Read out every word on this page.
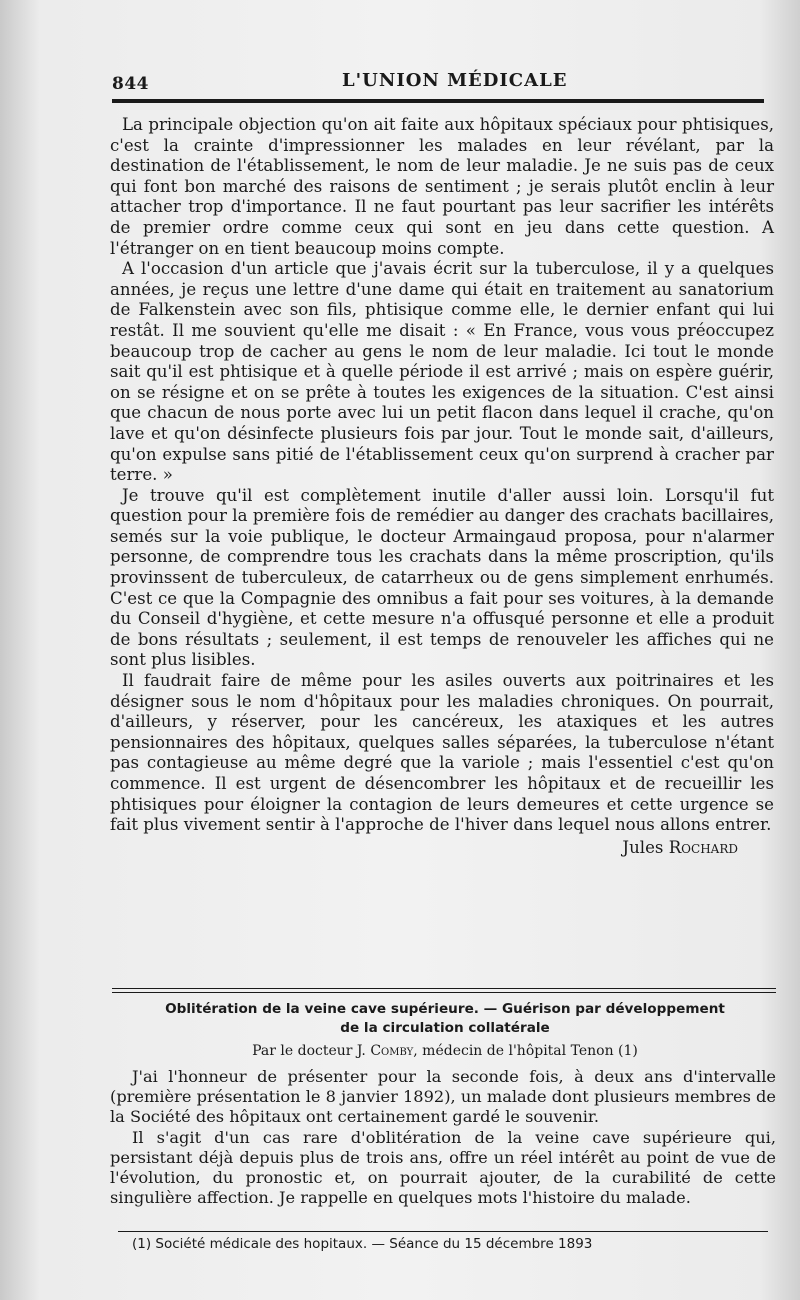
844	L'UNION MÉDICALE

La principale objection qu'on ait faite aux hôpitaux spéciaux pour phtisiques, c'est la crainte d'impressionner les malades en leur révélant, par la destination de l'établissement, le nom de leur maladie. Je ne suis pas de ceux qui font bon marché des raisons de sentiment ; je serais plutôt enclin à leur attacher trop d'importance. Il ne faut pourtant pas leur sacrifier les intérêts de premier ordre comme ceux qui sont en jeu dans cette question. A l'étranger on en tient beaucoup moins compte.

A l'occasion d'un article que j'avais écrit sur la tuberculose, il y a quelques années, je reçus une lettre d'une dame qui était en traitement au sanatorium de Falkenstein avec son fils, phtisique comme elle, le dernier enfant qui lui restât. Il me souvient qu'elle me disait : « En France, vous vous préoccupez beaucoup trop de cacher au gens le nom de leur maladie. Ici tout le monde sait qu'il est phtisique et à quelle période il est arrivé ; mais on espère guérir, on se résigne et on se prête à toutes les exigences de la situation. C'est ainsi que chacun de nous porte avec lui un petit flacon dans lequel il crache, qu'on lave et qu'on désinfecte plusieurs fois par jour. Tout le monde sait, d'ailleurs, qu'on expulse sans pitié de l'établissement ceux qu'on surprend à cracher par terre. »

Je trouve qu'il est complètement inutile d'aller aussi loin. Lorsqu'il fut question pour la première fois de remédier au danger des crachats bacillaires, semés sur la voie publique, le docteur Armaingaud proposa, pour n'alarmer personne, de comprendre tous les crachats dans la même proscription, qu'ils provinssent de tuberculeux, de catarrheux ou de gens simplement enrhumés. C'est ce que la Compagnie des omnibus a fait pour ses voitures, à la demande du Conseil d'hygiène, et cette mesure n'a offusqué personne et elle a produit de bons résultats ; seulement, il est temps de renouveler les affiches qui ne sont plus lisibles.

Il faudrait faire de même pour les asiles ouverts aux poitrinaires et les désigner sous le nom d'hôpitaux pour les maladies chroniques. On pourrait, d'ailleurs, y réserver, pour les cancéreux, les ataxiques et les autres pensionnaires des hôpitaux, quelques salles séparées, la tuberculose n'étant pas contagieuse au même degré que la variole ; mais l'essentiel c'est qu'on commence. Il est urgent de désencombrer les hôpitaux et de recueillir les phtisiques pour éloigner la contagion de leurs demeures et cette urgence se fait plus vivement sentir à l'approche de l'hiver dans lequel nous allons entrer.

Jules Rochard
Oblitération de la veine cave supérieure. — Guérison par développement
de la circulation collatérale
Par le docteur J. Comby, médecin de l'hôpital Tenon (1)

J'ai l'honneur de présenter pour la seconde fois, à deux ans d'intervalle (première présentation le 8 janvier 1892), un malade dont plusieurs membres de la Société des hôpitaux ont certainement gardé le souvenir.

Il s'agit d'un cas rare d'oblitération de la veine cave supérieure qui, persistant déjà depuis plus de trois ans, offre un réel intérêt au point de vue de l'évolution, du pronostic et, on pourrait ajouter, de la curabilité de cette singulière affection. Je rappelle en quelques mots l'histoire du malade.

(1) Société médicale des hopitaux. — Séance du 15 décembre 1893
